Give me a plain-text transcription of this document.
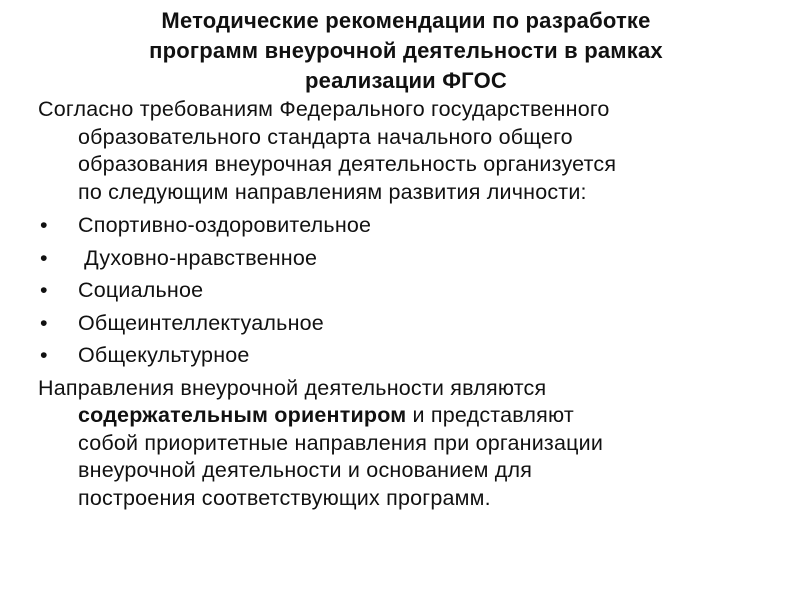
Методические рекомендации по разработке
программ внеурочной деятельности в рамках
реализации ФГОС

Согласно требованиям Федерального государственного
образовательного стандарта начального общего
образования внеурочная деятельность организуется
по следующим направлениям развития личности:

• Спортивно-оздоровительное
• Духовно-нравственное
• Социальное
• Общеинтеллектуальное
• Общекультурное

Направления внеурочной деятельности являются
содержательным ориентиром и представляют
собой приоритетные направления при организации
внеурочной деятельности и основанием для
построения соответствующих программ.
